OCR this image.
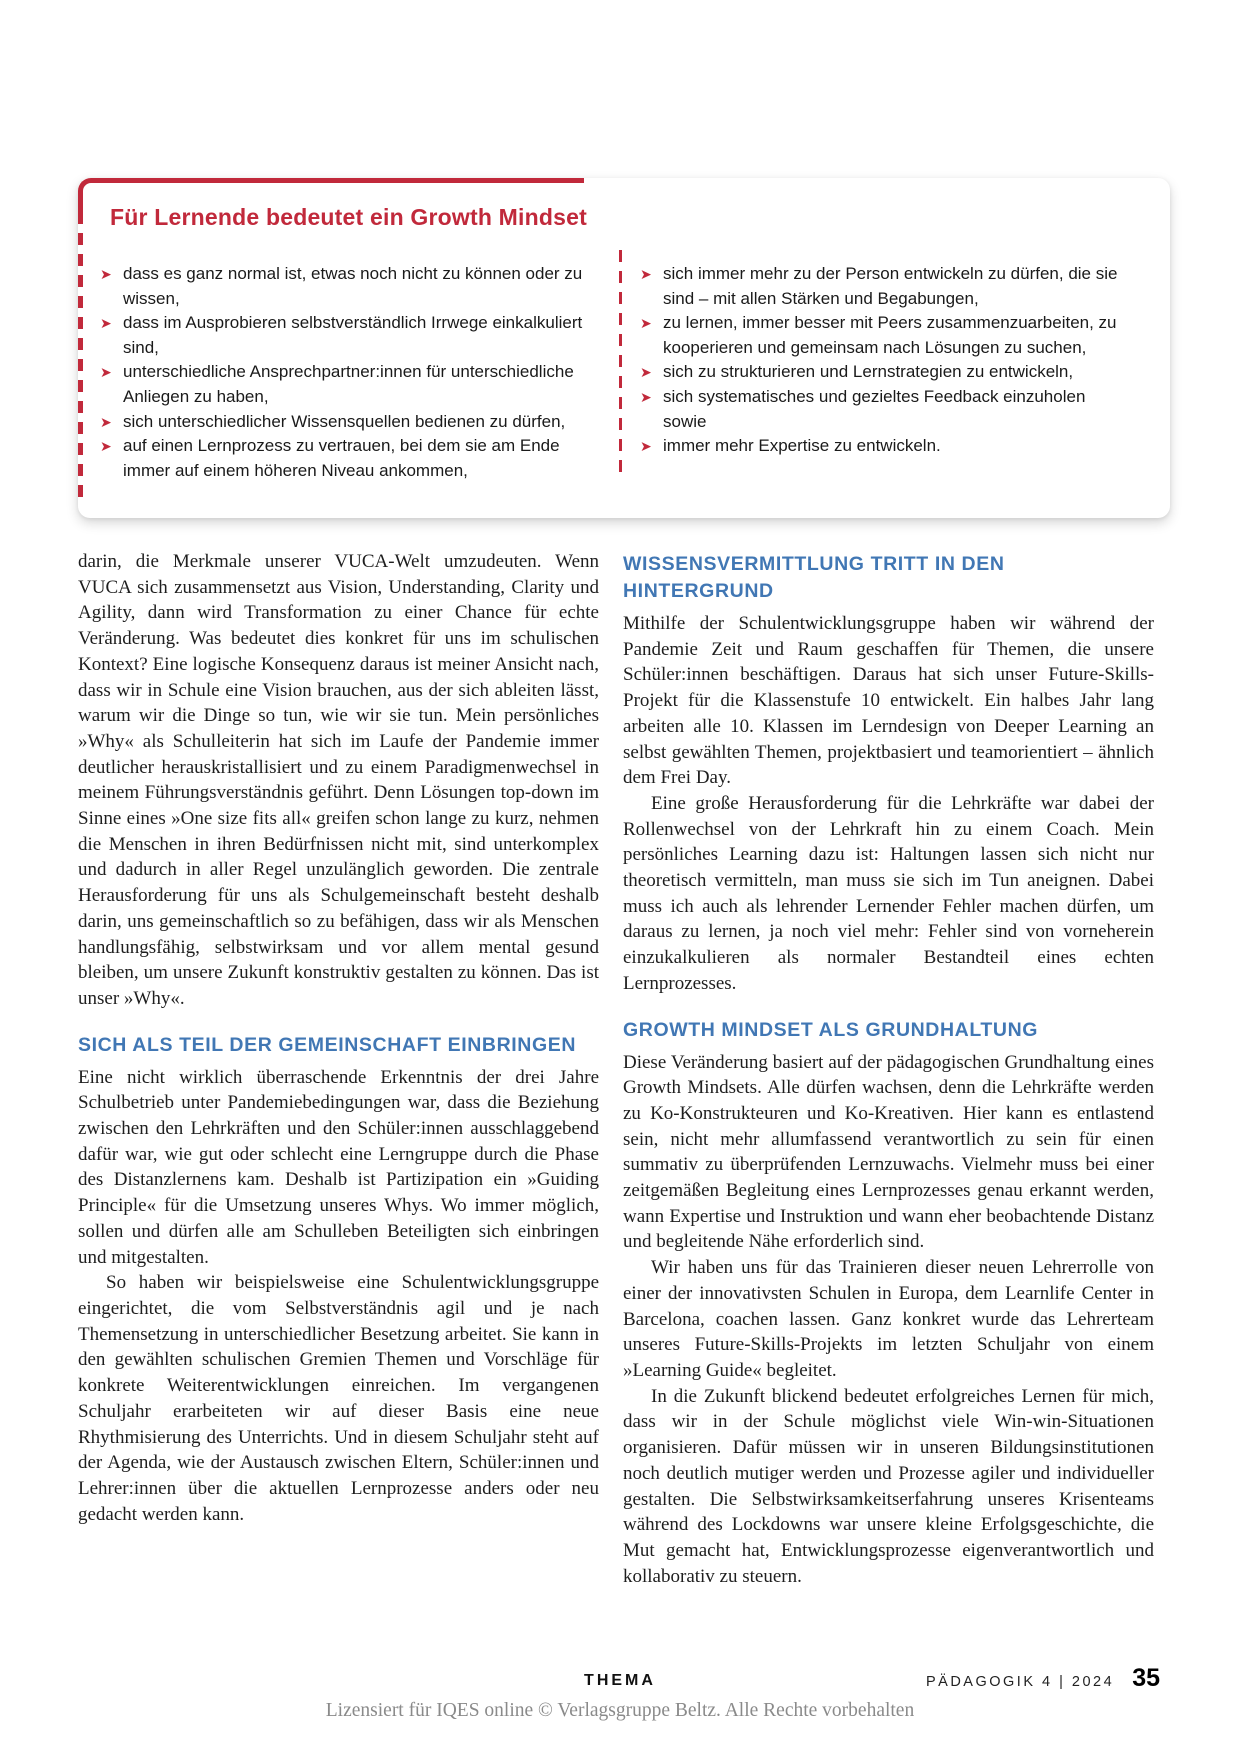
Für Lernende bedeutet ein Growth Mindset
➤ dass es ganz normal ist, etwas noch nicht zu können oder zu wissen,
➤ dass im Ausprobieren selbstverständlich Irrwege einkalkuliert sind,
➤ unterschiedliche Ansprechpartner:innen für unterschiedliche Anliegen zu haben,
➤ sich unterschiedlicher Wissensquellen bedienen zu dürfen,
➤ auf einen Lernprozess zu vertrauen, bei dem sie am Ende immer auf einem höheren Niveau ankommen,
➤ sich immer mehr zu der Person entwickeln zu dürfen, die sie sind – mit allen Stärken und Begabungen,
➤ zu lernen, immer besser mit Peers zusammenzuarbeiten, zu kooperieren und gemeinsam nach Lösungen zu suchen,
➤ sich zu strukturieren und Lernstrategien zu entwickeln,
➤ sich systematisches und gezieltes Feedback einzuholen sowie
➤ immer mehr Expertise zu entwickeln.

darin, die Merkmale unserer VUCA-Welt umzudeuten. Wenn VUCA sich zusammensetzt aus Vision, Understanding, Clarity und Agility, dann wird Transformation zu einer Chance für echte Veränderung. Was bedeutet dies konkret für uns im schulischen Kontext? Eine logische Konsequenz daraus ist meiner Ansicht nach, dass wir in Schule eine Vision brauchen, aus der sich ableiten lässt, warum wir die Dinge so tun, wie wir sie tun. Mein persönliches »Why« als Schulleiterin hat sich im Laufe der Pandemie immer deutlicher herauskristallisiert und zu einem Paradigmenwechsel in meinem Führungsverständnis geführt. Denn Lösungen top-down im Sinne eines »One size fits all« greifen schon lange zu kurz, nehmen die Menschen in ihren Bedürfnissen nicht mit, sind unterkomplex und dadurch in aller Regel unzulänglich geworden. Die zentrale Herausforderung für uns als Schulgemeinschaft besteht deshalb darin, uns gemeinschaftlich so zu befähigen, dass wir als Menschen handlungsfähig, selbstwirksam und vor allem mental gesund bleiben, um unsere Zukunft konstruktiv gestalten zu können. Das ist unser »Why«.

SICH ALS TEIL DER GEMEINSCHAFT EINBRINGEN

Eine nicht wirklich überraschende Erkenntnis der drei Jahre Schulbetrieb unter Pandemiebedingungen war, dass die Beziehung zwischen den Lehrkräften und den Schüler:innen ausschlaggebend dafür war, wie gut oder schlecht eine Lerngruppe durch die Phase des Distanzlernens kam. Deshalb ist Partizipation ein »Guiding Principle« für die Umsetzung unseres Whys. Wo immer möglich, sollen und dürfen alle am Schulleben Beteiligten sich einbringen und mitgestalten.

So haben wir beispielsweise eine Schulentwicklungsgruppe eingerichtet, die vom Selbstverständnis agil und je nach Themensetzung in unterschiedlicher Besetzung arbeitet. Sie kann in den gewählten schulischen Gremien Themen und Vorschläge für konkrete Weiterentwicklungen einreichen. Im vergangenen Schuljahr erarbeiteten wir auf dieser Basis eine neue Rhythmisierung des Unterrichts. Und in diesem Schuljahr steht auf der Agenda, wie der Austausch zwischen Eltern, Schüler:innen und Lehrer:innen über die aktuellen Lernprozesse anders oder neu gedacht werden kann.

WISSENSVERMITTLUNG TRITT IN DEN HINTERGRUND

Mithilfe der Schulentwicklungsgruppe haben wir während der Pandemie Zeit und Raum geschaffen für Themen, die unsere Schüler:innen beschäftigen. Daraus hat sich unser Future-Skills-Projekt für die Klassenstufe 10 entwickelt. Ein halbes Jahr lang arbeiten alle 10. Klassen im Lerndesign von Deeper Learning an selbst gewählten Themen, projektbasiert und teamorientiert – ähnlich dem Frei Day.

Eine große Herausforderung für die Lehrkräfte war dabei der Rollenwechsel von der Lehrkraft hin zu einem Coach. Mein persönliches Learning dazu ist: Haltungen lassen sich nicht nur theoretisch vermitteln, man muss sie sich im Tun aneignen. Dabei muss ich auch als lehrender Lernender Fehler machen dürfen, um daraus zu lernen, ja noch viel mehr: Fehler sind von vorneherein einzukalkulieren als normaler Bestandteil eines echten Lernprozesses.

GROWTH MINDSET ALS GRUNDHALTUNG

Diese Veränderung basiert auf der pädagogischen Grundhaltung eines Growth Mindsets. Alle dürfen wachsen, denn die Lehrkräfte werden zu Ko-Konstrukteuren und Ko-Kreativen. Hier kann es entlastend sein, nicht mehr allumfassend verantwortlich zu sein für einen summativ zu überprüfenden Lernzuwachs. Vielmehr muss bei einer zeitgemäßen Begleitung eines Lernprozesses genau erkannt werden, wann Expertise und Instruktion und wann eher beobachtende Distanz und begleitende Nähe erforderlich sind.

Wir haben uns für das Trainieren dieser neuen Lehrerrolle von einer der innovativsten Schulen in Europa, dem Learnlife Center in Barcelona, coachen lassen. Ganz konkret wurde das Lehrerteam unseres Future-Skills-Projekts im letzten Schuljahr von einem »Learning Guide« begleitet.

In die Zukunft blickend bedeutet erfolgreiches Lernen für mich, dass wir in der Schule möglichst viele Win-win-Situationen organisieren. Dafür müssen wir in unseren Bildungsinstitutionen noch deutlich mutiger werden und Prozesse agiler und individueller gestalten. Die Selbstwirksamkeitserfahrung unseres Krisenteams während des Lockdowns war unsere kleine Erfolgsgeschichte, die Mut gemacht hat, Entwicklungsprozesse eigenverantwortlich und kollaborativ zu steuern.

THEMA	PÄDAGOGIK 4 | 2024 35
Lizensiert für IQES online © Verlagsgruppe Beltz. Alle Rechte vorbehalten
